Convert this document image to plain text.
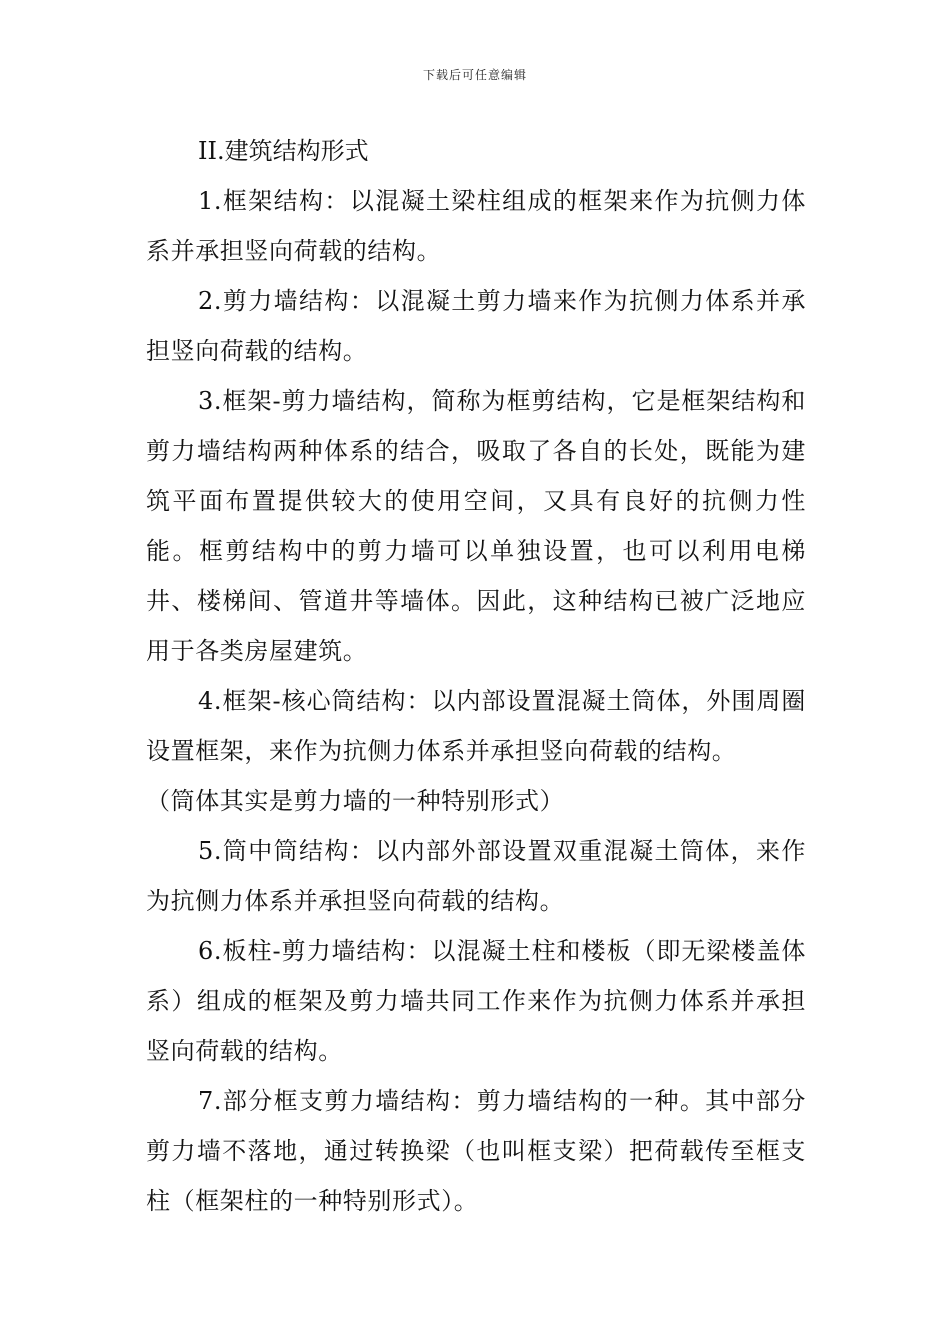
下载后可任意编辑

II.建筑结构形式

1.框架结构：以混凝土梁柱组成的框架来作为抗侧力体系并承担竖向荷载的结构。

2.剪力墙结构：以混凝土剪力墙来作为抗侧力体系并承担竖向荷载的结构。

3.框架-剪力墙结构，简称为框剪结构，它是框架结构和剪力墙结构两种体系的结合，吸取了各自的长处，既能为建筑平面布置提供较大的使用空间，又具有良好的抗侧力性能。框剪结构中的剪力墙可以单独设置，也可以利用电梯井、楼梯间、管道井等墙体。因此，这种结构已被广泛地应用于各类房屋建筑。

4.框架-核心筒结构：以内部设置混凝土筒体，外围周圈设置框架，来作为抗侧力体系并承担竖向荷载的结构。

（筒体其实是剪力墙的一种特别形式）

5.筒中筒结构：以内部外部设置双重混凝土筒体，来作为抗侧力体系并承担竖向荷载的结构。

6.板柱-剪力墙结构：以混凝土柱和楼板（即无梁楼盖体系）组成的框架及剪力墙共同工作来作为抗侧力体系并承担竖向荷载的结构。

7.部分框支剪力墙结构：剪力墙结构的一种。其中部分剪力墙不落地，通过转换梁（也叫框支梁）把荷载传至框支柱（框架柱的一种特别形式）。
